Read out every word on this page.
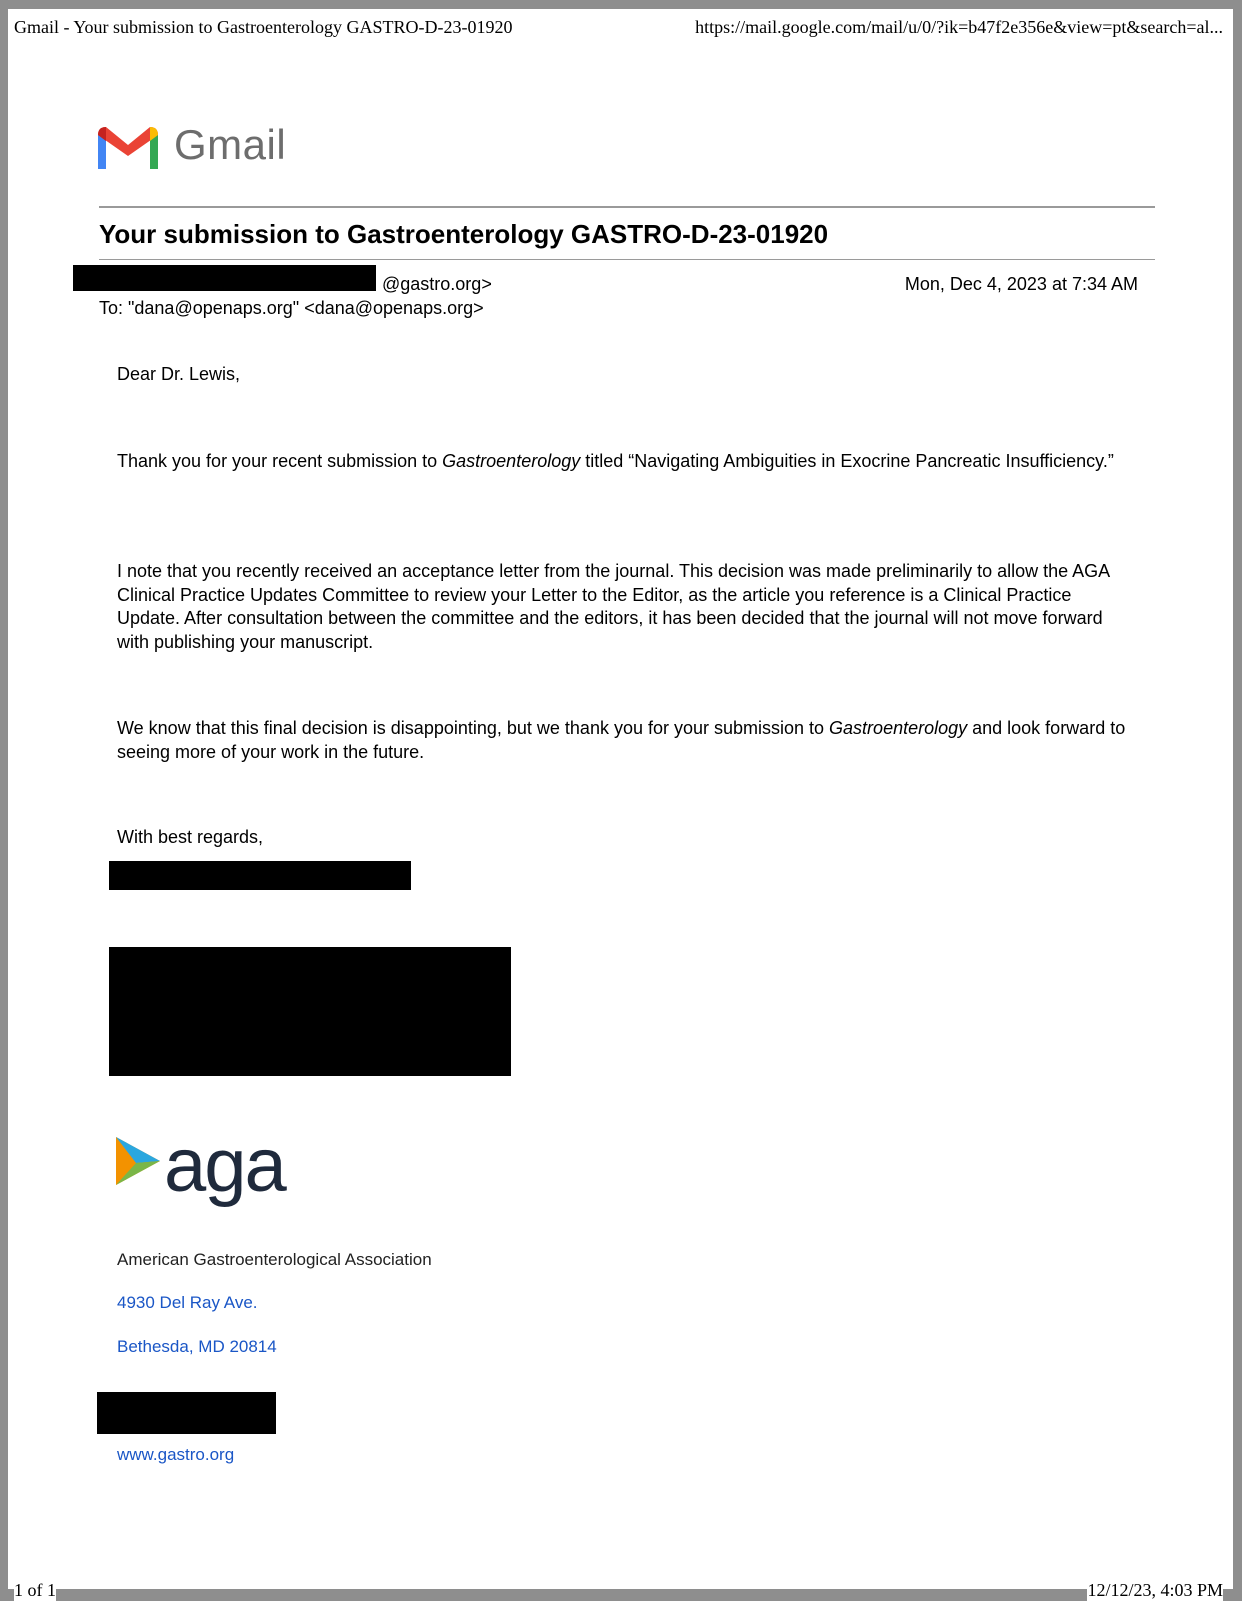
Gmail - Your submission to Gastroenterology GASTRO-D-23-01920	https://mail.google.com/mail/u/0/?ik=b47f2e356e&view=pt&search=al...
Gmail
Your submission to Gastroenterology GASTRO-D-23-01920
@gastro.org>	Mon, Dec 4, 2023 at 7:34 AM
To: "dana@openaps.org" <dana@openaps.org>
Dear Dr. Lewis,
Thank you for your recent submission to Gastroenterology titled “Navigating Ambiguities in Exocrine Pancreatic Insufficiency.”
I note that you recently received an acceptance letter from the journal. This decision was made preliminarily to allow the AGA Clinical Practice Updates Committee to review your Letter to the Editor, as the article you reference is a Clinical Practice Update. After consultation between the committee and the editors, it has been decided that the journal will not move forward with publishing your manuscript.
We know that this final decision is disappointing, but we thank you for your submission to Gastroenterology and look forward to seeing more of your work in the future.
With best regards,
aga
American Gastroenterological Association
4930 Del Ray Ave.
Bethesda, MD 20814
www.gastro.org
1 of 1	12/12/23, 4:03 PM
